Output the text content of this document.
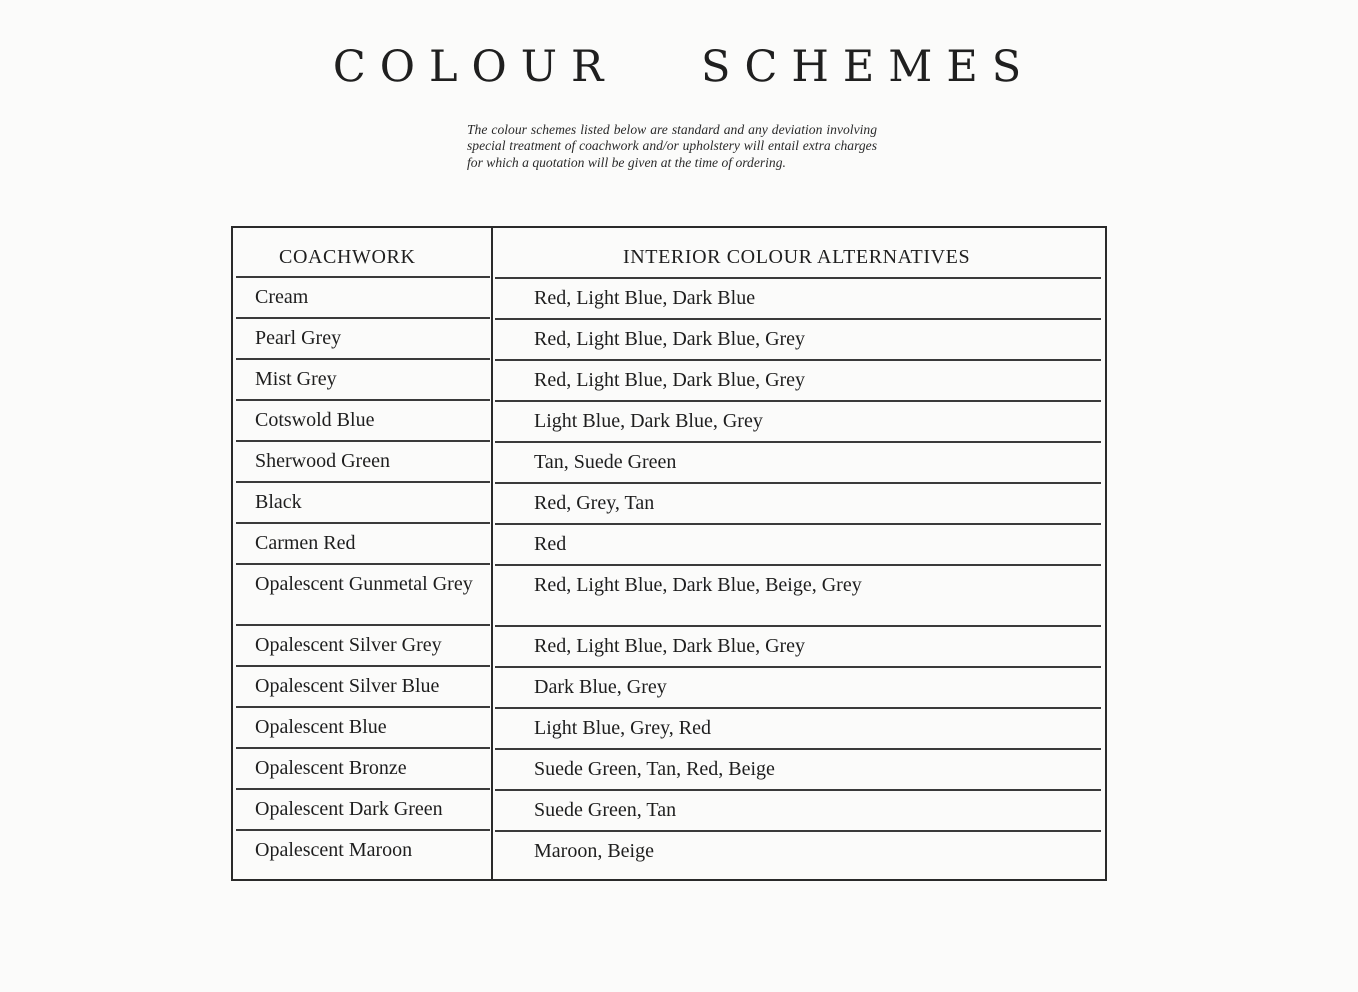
COLOUR SCHEMES

The colour schemes listed below are standard and any deviation involving special treatment of coachwork and/or upholstery will entail extra charges for which a quotation will be given at the time of ordering.

COACHWORK	INTERIOR COLOUR ALTERNATIVES
Cream	Red, Light Blue, Dark Blue
Pearl Grey	Red, Light Blue, Dark Blue, Grey
Mist Grey	Red, Light Blue, Dark Blue, Grey
Cotswold Blue	Light Blue, Dark Blue, Grey
Sherwood Green	Tan, Suede Green
Black	Red, Grey, Tan
Carmen Red	Red
Opalescent Gunmetal Grey	Red, Light Blue, Dark Blue, Beige, Grey
Opalescent Silver Grey	Red, Light Blue, Dark Blue, Grey
Opalescent Silver Blue	Dark Blue, Grey
Opalescent Blue	Light Blue, Grey, Red
Opalescent Bronze	Suede Green, Tan, Red, Beige
Opalescent Dark Green	Suede Green, Tan
Opalescent Maroon	Maroon, Beige
